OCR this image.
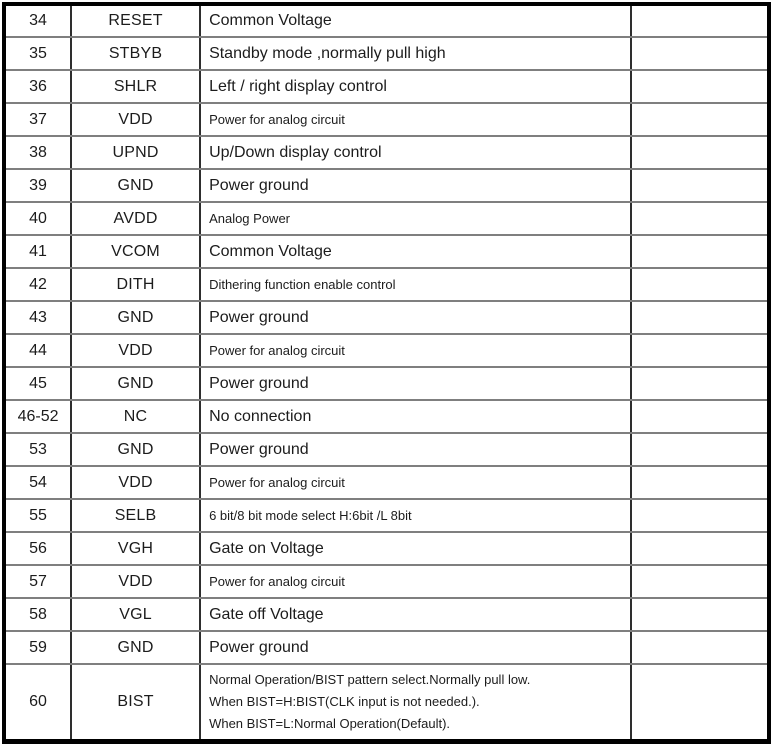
34	RESET	Common Voltage	

35	STBYB	Standby mode ,normally pull high	

36	SHLR	Left / right display control	

37	VDD	Power for analog circuit	

38	UPND	Up/Down display control	

39	GND	Power ground	

40	AVDD	Analog Power	

41	VCOM	Common Voltage	

42	DITH	Dithering function enable control	

43	GND	Power ground	

44	VDD	Power for analog circuit	

45	GND	Power ground	

46-52	NC	No connection	

53	GND	Power ground	

54	VDD	Power for analog circuit	

55	SELB	6 bit/8 bit mode select H:6bit /L 8bit	

56	VGH	Gate on Voltage	

57	VDD	Power for analog circuit	

58	VGL	Gate off Voltage	

59	GND	Power ground	

60	BIST	Normal Operation/BIST pattern select.Normally pull low.
When BIST=H:BIST(CLK input is not needed.).
When BIST=L:Normal Operation(Default).	
